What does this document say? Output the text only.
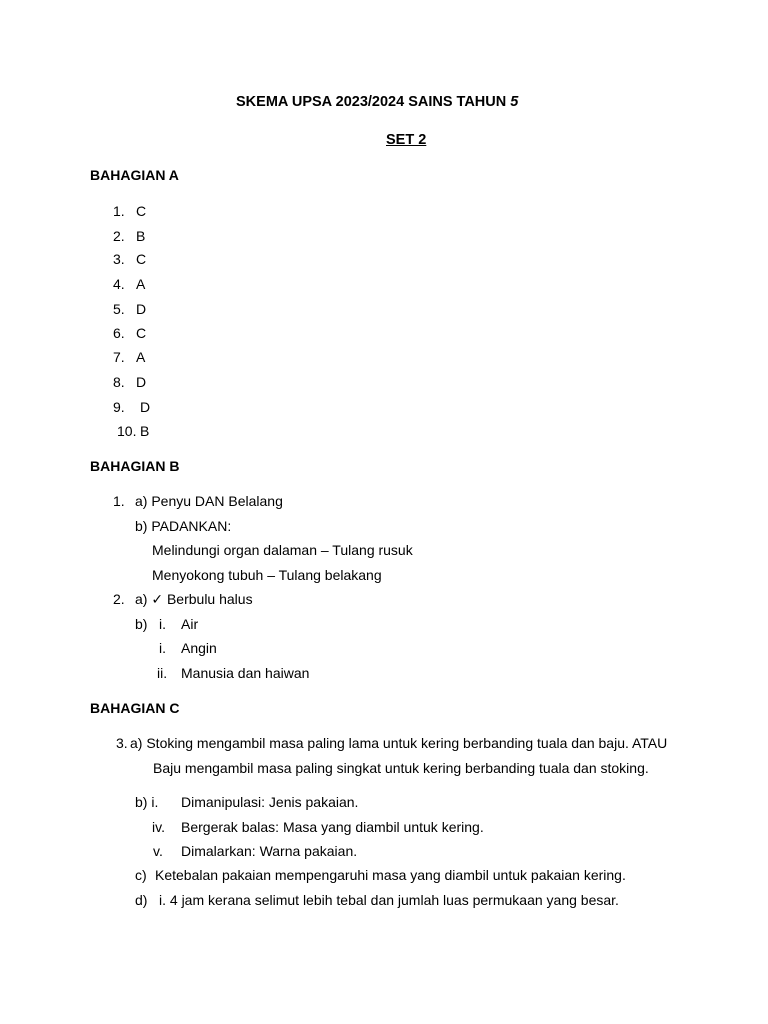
SKEMA UPSA 2023/2024 SAINS TAHUN 5
SET 2
BAHAGIAN A
1. C
2. B
3. C
4. A
5. D
6. C
7. A
8. D
9. D
10. B
BAHAGIAN B
1. a) Penyu DAN Belalang
b) PADANKAN:
Melindungi organ dalaman – Tulang rusuk
Menyokong tubuh – Tulang belakang
2. a) ✓ Berbulu halus
b) i. Air
i. Angin
ii. Manusia dan haiwan
BAHAGIAN C
3. a) Stoking mengambil masa paling lama untuk kering berbanding tuala dan baju. ATAU
Baju mengambil masa paling singkat untuk kering berbanding tuala dan stoking.
b) i. Dimanipulasi: Jenis pakaian.
iv. Bergerak balas: Masa yang diambil untuk kering.
v. Dimalarkan: Warna pakaian.
c) Ketebalan pakaian mempengaruhi masa yang diambil untuk pakaian kering.
d) i. 4 jam kerana selimut lebih tebal dan jumlah luas permukaan yang besar.
